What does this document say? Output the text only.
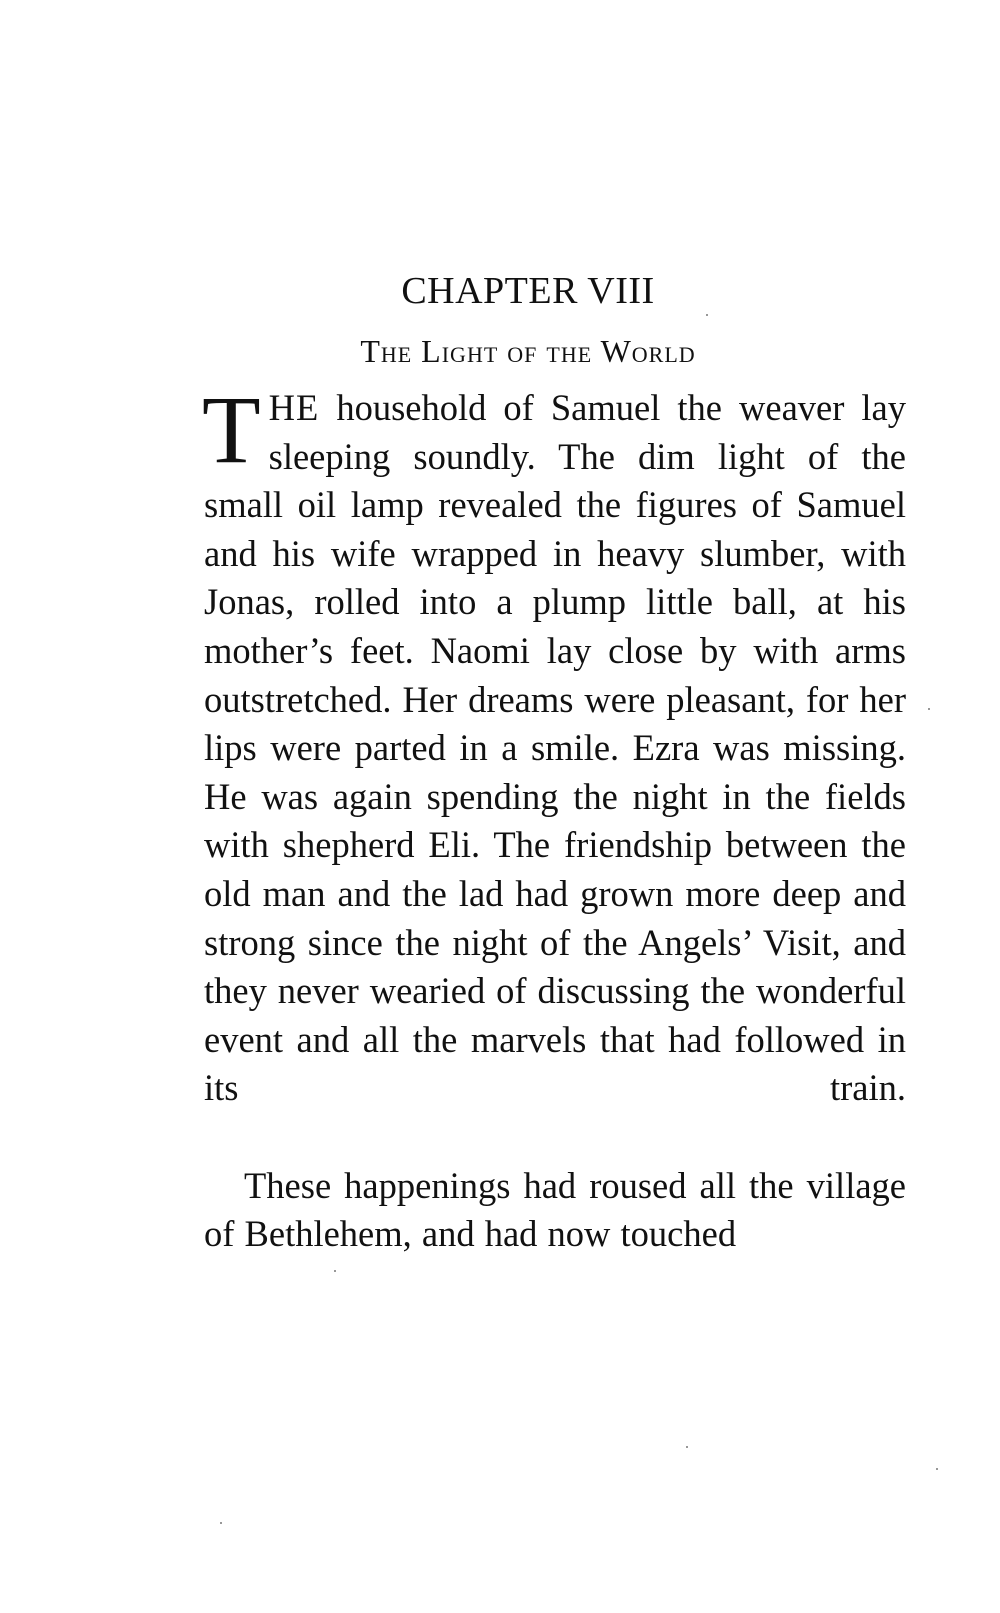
CHAPTER VIII
The Light of the World

THE household of Samuel the weaver lay sleeping soundly. The dim light of the small oil lamp revealed the figures of Samuel and his wife wrapped in heavy slumber, with Jonas, rolled into a plump little ball, at his mother’s feet. Naomi lay close by with arms outstretched. Her dreams were pleasant, for her lips were parted in a smile. Ezra was missing. He was again spending the night in the fields with shepherd Eli. The friendship between the old man and the lad had grown more deep and strong since the night of the Angels’ Visit, and they never wearied of discussing the wonderful event and all the marvels that had followed in its train.

These happenings had roused all the village of Bethlehem, and had now touched
